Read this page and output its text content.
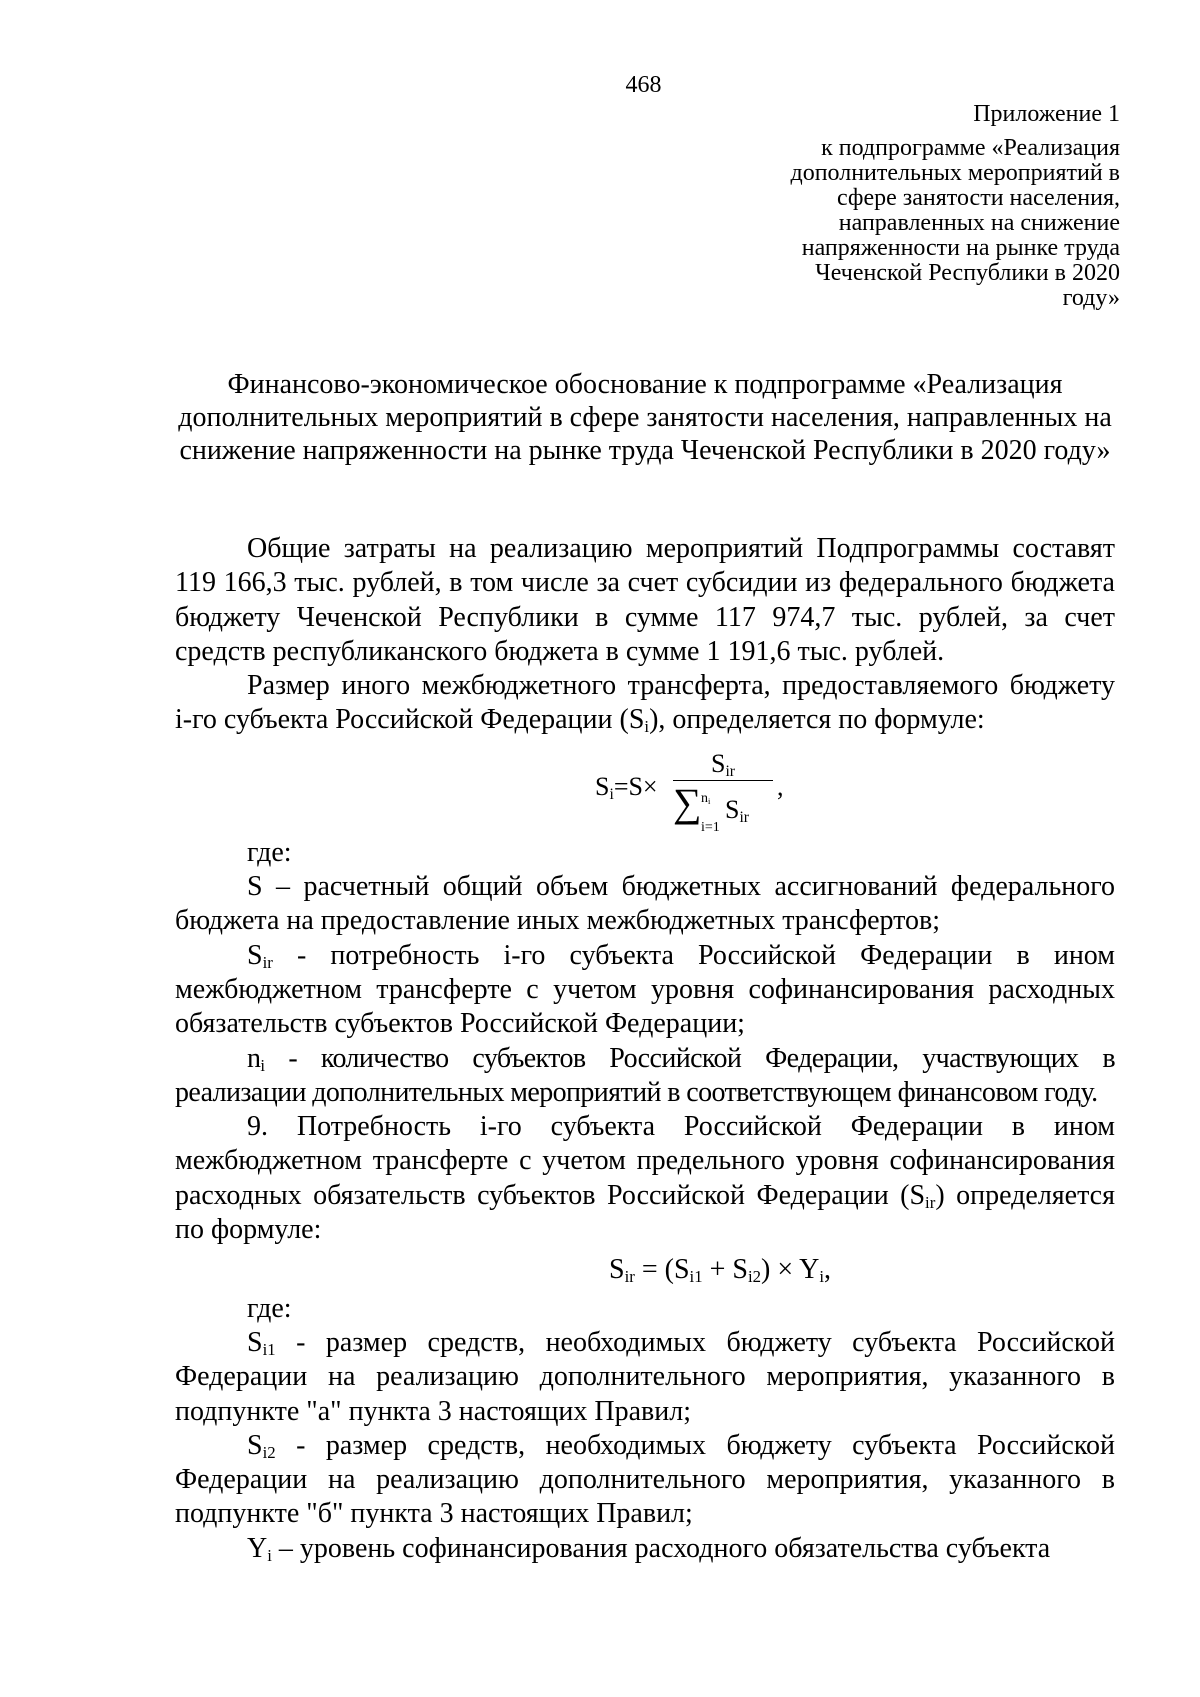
468
Приложение 1
к подпрограмме «Реализация дополнительных мероприятий в сфере занятости населения, направленных на снижение напряженности на рынке труда Чеченской Республики в 2020 году»
Финансово-экономическое обоснование к подпрограмме «Реализация дополнительных мероприятий в сфере занятости населения, направленных на снижение напряженности на рынке труда Чеченской Республики в 2020 году»

Общие затраты на реализацию мероприятий Подпрограммы составят 119 166,3 тыс. рублей, в том числе за счет субсидии из федерального бюджета бюджету Чеченской Республики в сумме 117 974,7 тыс. рублей, за счет средств республиканского бюджета в сумме 1 191,6 тыс. рублей.

Размер иного межбюджетного трансферта, предоставляемого бюджету i-го субъекта Российской Федерации $(S_i)$, определяется по формуле:

$S_i=S\times$
$S_{ir}$
∑ $n_i$
i=1
$S_{ir}$
,

где:

S – расчетный общий объем бюджетных ассигнований федерального бюджета на предоставление иных межбюджетных трансфертов;

$S_{ir}$ - потребность i-го субъекта Российской Федерации в ином межбюджетном трансферте с учетом уровня софинансирования расходных обязательств субъектов Российской Федерации;

$n_i$ - количество субъектов Российской Федерации, участвующих в реализации дополнительных мероприятий в соответствующем финансовом году.

9. Потребность i-го субъекта Российской Федерации в ином межбюджетном трансферте с учетом предельного уровня софинансирования расходных обязательств субъектов Российской Федерации $(S_{ir})$ определяется по формуле:

$S_{ir} = (S_{i1} + S_{i2}) \times Y_i$,

где:

$S_{i1}$ - размер средств, необходимых бюджету субъекта Российской Федерации на реализацию дополнительного мероприятия, указанного в подпункте "а" пункта 3 настоящих Правил;

$S_{i2}$ - размер средств, необходимых бюджету субъекта Российской Федерации на реализацию дополнительного мероприятия, указанного в подпункте "б" пункта 3 настоящих Правил;

$Y_i$ – уровень софинансирования расходного обязательства субъекта
